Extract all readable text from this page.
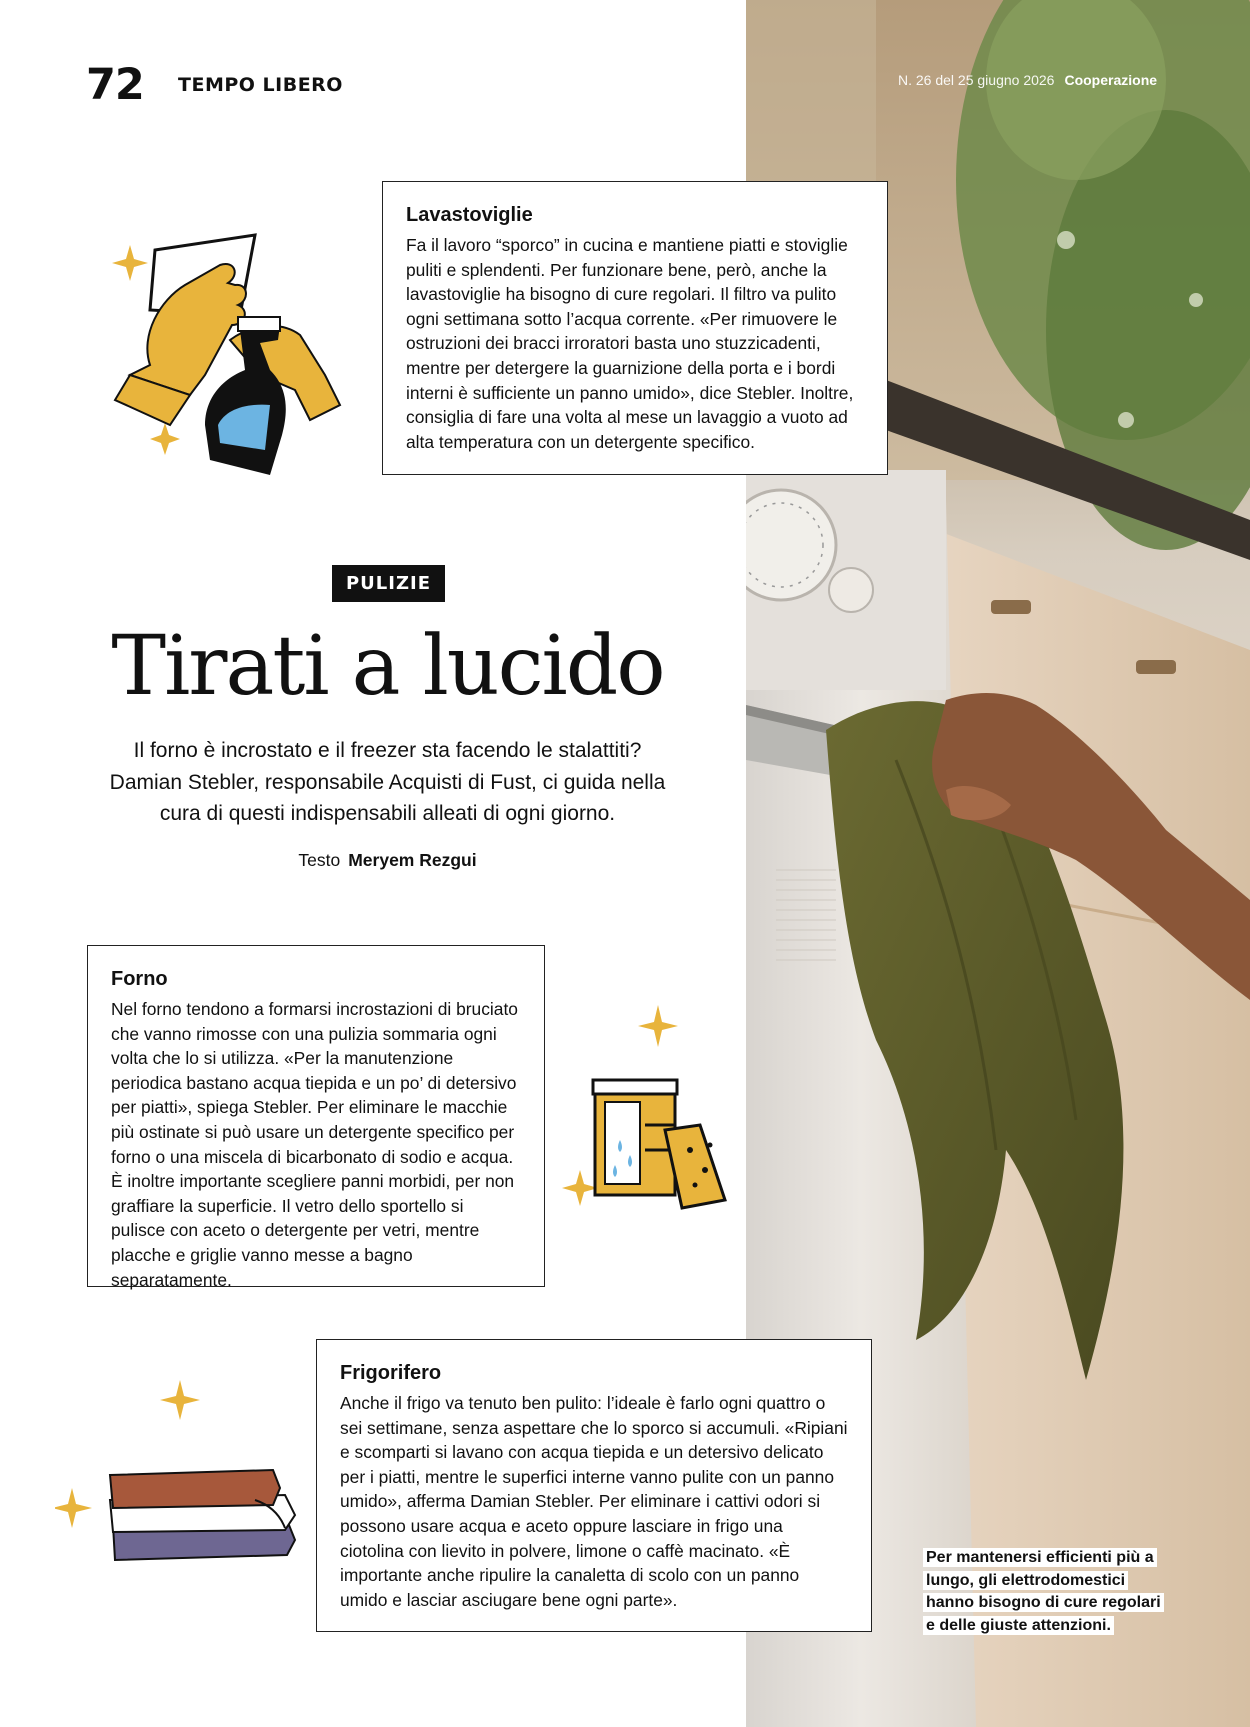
72 TEMPO LIBERO	N. 26 del 25 giugno 2026 Cooperazione
Lavastoviglie

Fa il lavoro “sporco” in cucina e mantiene piatti e stoviglie puliti e splendenti. Per funzionare bene, però, anche la lavastoviglie ha bisogno di cure regolari. Il filtro va pulito ogni settimana sotto l’acqua corrente. «Per rimuovere le ostruzioni dei bracci irroratori basta uno stuzzicadenti, mentre per detergere la guarnizione della porta e i bordi interni è sufficiente un panno umido», dice Stebler. Inoltre, consiglia di fare una volta al mese un lavaggio a vuoto ad alta temperatura con un detergente specifico.

PULIZIE
Tirati a lucido
Il forno è incrostato e il freezer sta facendo le stalattiti? Damian Stebler, responsabile Acquisti di Fust, ci guida nella cura di questi indispensabili alleati di ogni giorno.
Testo Meryem Rezgui
Forno

Nel forno tendono a formarsi incrostazioni di bruciato che vanno rimosse con una pulizia sommaria ogni volta che lo si utilizza. «Per la manutenzione periodica bastano acqua tiepida e un po’ di detersivo per piatti», spiega Stebler. Per eliminare le macchie più ostinate si può usare un detergente specifico per forno o una miscela di bicarbonato di sodio e acqua. È inoltre importante scegliere panni morbidi, per non graffiare la superficie. Il vetro dello sportello si pulisce con aceto o detergente per vetri, mentre placche e griglie vanno messe a bagno separatamente.

Frigorifero

Anche il frigo va tenuto ben pulito: l’ideale è farlo ogni quattro o sei settimane, senza aspettare che lo sporco si accumuli. «Ripiani e scomparti si lavano con acqua tiepida e un detersivo delicato per i piatti, mentre le superfici interne vanno pulite con un panno umido», afferma Damian Stebler. Per eliminare i cattivi odori si possono usare acqua e aceto oppure lasciare in frigo una ciotolina con lievito in polvere, limone o caffè macinato. «È importante anche ripulire la canaletta di scolo con un panno umido e lasciar asciugare bene ogni parte».

Per mantenersi efficienti più a lungo, gli elettrodomestici hanno bisogno di cure regolari e delle giuste attenzioni.
